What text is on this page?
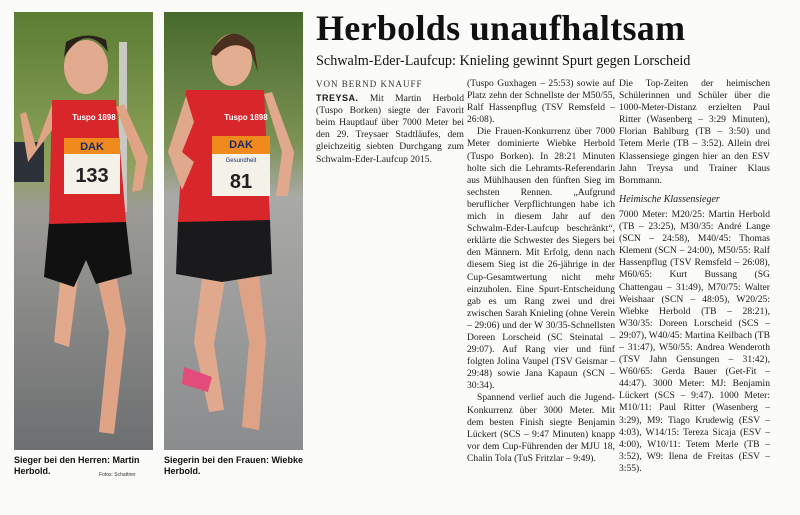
DAK
133
Tuspo 1898
DAK
Gesundheit
81
Tuspo 1898
Sieger bei den Herren: Martin Herbold.	Fotos: Schattner
Siegerin bei den Frauen: Wiebke Herbold.
Herbolds unaufhaltsam
Schwalm-Eder-Laufcup: Knieling gewinnt Spurt gegen Lorscheid
VON BERND KNAUFF

TREYSA. Mit Martin Herbold (Tuspo Borken) siegte der Favorit beim Hauptlauf über 7000 Meter bei den 29. Treysaer Stadtläufes, dem gleichzeitig siebten Durchgang zum Schwalm-Eder-Laufcup 2015.

(Tuspo Guxhagen – 25:53) sowie auf Platz zehn der Schnellste der M50/55, Ralf Hassenpflug (TSV Remsfeld – 26:08).

Die Frauen-Konkurrenz über 7000 Meter dominierte Wiebke Herbold (Tuspo Borken). In 28:21 Minuten holte sich die Lehramts-Referendarin aus Mühlhausen den fünften Sieg im sechsten Rennen. „Aufgrund beruflicher Verpflichtungen habe ich mich in diesem Jahr auf den Schwalm-Eder-Laufcup beschränkt“, erklärte die Schwester des Siegers bei den Männern. Mit Erfolg, denn nach diesem Sieg ist die 26-jährige in der Cup-Gesamtwertung nicht mehr einzuholen. Eine Spurt-Entscheidung gab es um Rang zwei und drei zwischen Sarah Knieling (ohne Verein – 29:06) und der W 30/35-Schnellsten Doreen Lorscheid (SC Steinatal – 29:07). Auf Rang vier und fünf folgten Jolina Vaupel (TSV Geismar – 29:48) sowie Jana Kapaun (SCN – 30:34).

Spannend verlief auch die Jugend-Konkurrenz über 3000 Meter. Mit dem besten Finish siegte Benjamin Lückert (SCS – 9:47 Minuten) knapp vor dem Cup-Führenden der MJU 18, Chalin Tola (TuS Fritzlar – 9:49).

Die Top-Zeiten der heimischen Schülerinnen und Schüler über die 1000-Meter-Distanz erzielten Paul Ritter (Wasenberg – 3:29 Minuten), Florian Bahlburg (TB – 3:50) und Tetem Merle (TB – 3:52). Allein drei Klassensiege gingen hier an den ESV Jahn Treysa und Trainer Klaus Bornmann.

Heimische Klassensieger

7000 Meter: M20/25: Martin Herbold (TB – 23:25), M30/35: André Lange (SCN – 24:58), M40/45: Thomas Klement (SCN – 24:00), M50/55: Ralf Hassenpflug (TSV Remsfeld – 26:08), M60/65: Kurt Bussang (SG Chattengau – 31:49), M70/75: Walter Weishaar (SCN – 48:05), W20/25: Wiebke Herbold (TB – 28:21), W30/35: Doreen Lorscheid (SCS – 29:07), W40/45: Martina Keilbach (TB – 31:47), W50/55: Andrea Wenderoth (TSV Jahn Gensungen – 31:42), W60/65: Gerda Bauer (Get-Fit – 44:47). 3000 Meter: MJ: Benjamin Lückert (SCS – 9:47). 1000 Meter: M10/11: Paul Ritter (Wasenberg – 3:29), M9: Tiago Krudewig (ESV – 4:03), W14/15: Tereza Sicaja (ESV – 4:00), W10/11: Tetem Merle (TB – 3:52), W9: Ilena de Freitas (ESV – 3:55).
